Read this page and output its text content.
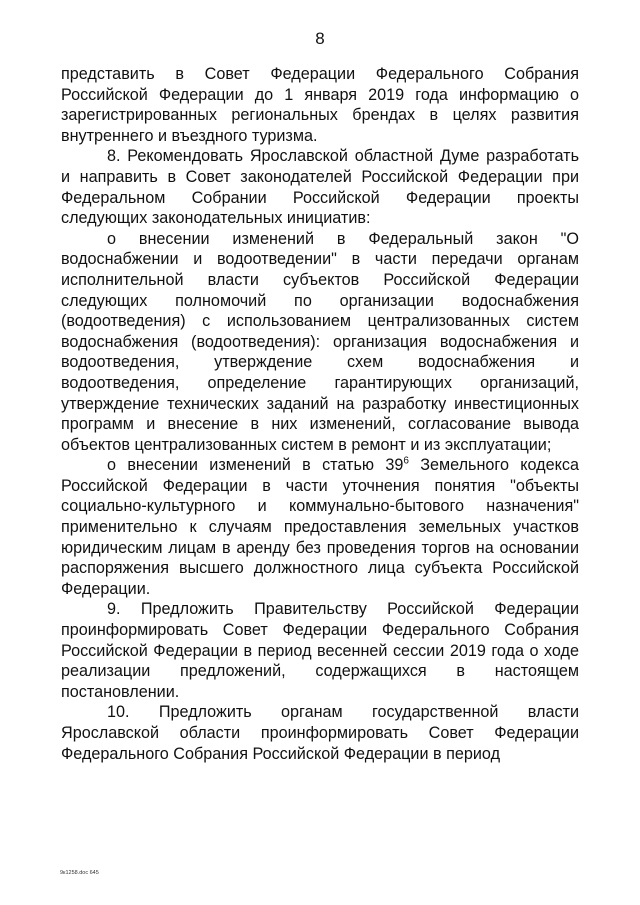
8

представить в Совет Федерации Федерального Собрания Российской Федерации до 1 января 2019 года информацию о зарегистрированных региональных брендах в целях развития внутреннего и въездного туризма.

8. Рекомендовать Ярославской областной Думе разработать и направить в Совет законодателей Российской Федерации при Федеральном Собрании Российской Федерации проекты следующих законодательных инициатив:

о внесении изменений в Федеральный закон "О водоснабжении и водоотведении" в части передачи органам исполнительной власти субъектов Российской Федерации следующих полномочий по организации водоснабжения (водоотведения) с использованием централизованных систем водоснабжения (водоотведения): организация водоснабжения и водоотведения, утверждение схем водоснабжения и водоотведения, определение гарантирующих организаций, утверждение технических заданий на разработку инвестиционных программ и внесение в них изменений, согласование вывода объектов централизованных систем в ремонт и из эксплуатации;

о внесении изменений в статью $39^6$ Земельного кодекса Российской Федерации в части уточнения понятия "объекты социально-культурного и коммунально-бытового назначения" применительно к случаям предоставления земельных участков юридическим лицам в аренду без проведения торгов на основании распоряжения высшего должностного лица субъекта Российской Федерации.

9. Предложить Правительству Российской Федерации проинформировать Совет Федерации Федерального Собрания Российской Федерации в период весенней сессии 2019 года о ходе реализации предложений, содержащихся в настоящем постановлении.

10. Предложить органам государственной власти Ярославской области проинформировать Совет Федерации Федерального Собрания Российской Федерации в период

9к1258.doc 645
